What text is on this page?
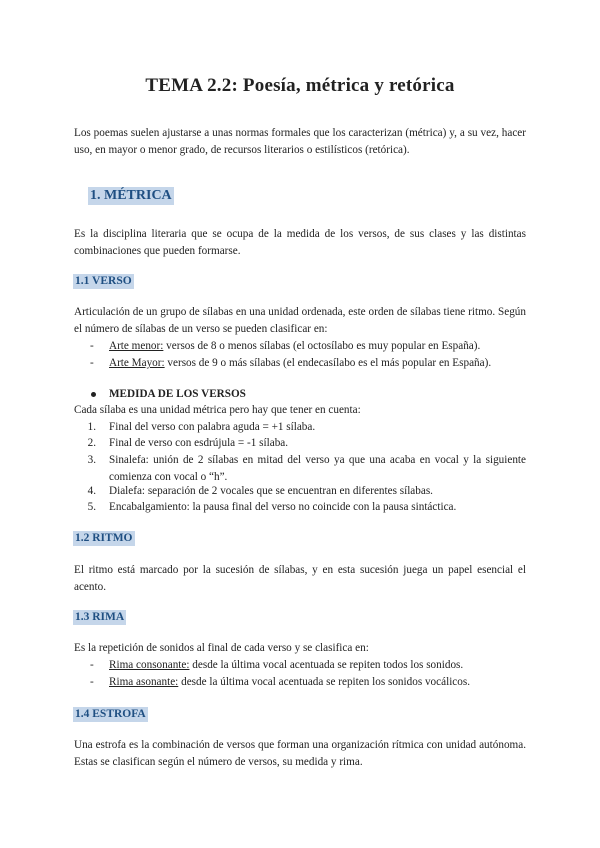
TEMA 2.2: Poesía, métrica y retórica
Los poemas suelen ajustarse a unas normas formales que los caracterizan (métrica) y, a su vez, hacer uso, en mayor o menor grado, de recursos literarios o estilísticos (retórica).
1. MÉTRICA
Es la disciplina literaria que se ocupa de la medida de los versos, de sus clases y las distintas combinaciones que pueden formarse.
1.1 VERSO
Articulación de un grupo de sílabas en una unidad ordenada, este orden de sílabas tiene ritmo. Según el número de sílabas de un verso se pueden clasificar en:
- Arte menor: versos de 8 o menos sílabas (el octosílabo es muy popular en España).
- Arte Mayor: versos de 9 o más sílabas (el endecasílabo es el más popular en España).
MEDIDA DE LOS VERSOS
Cada sílaba es una unidad métrica pero hay que tener en cuenta:
1. Final del verso con palabra aguda = +1 sílaba.
2. Final de verso con esdrújula = -1 sílaba.
3. Sinalefa: unión de 2 sílabas en mitad del verso ya que una acaba en vocal y la siguiente comienza con vocal o “h”.
4. Dialefa: separación de 2 vocales que se encuentran en diferentes sílabas.
5. Encabalgamiento: la pausa final del verso no coincide con la pausa sintáctica.
1.2 RITMO
El ritmo está marcado por la sucesión de sílabas, y en esta sucesión juega un papel esencial el acento.
1.3 RIMA
Es la repetición de sonidos al final de cada verso y se clasifica en:
- Rima consonante: desde la última vocal acentuada se repiten todos los sonidos.
- Rima asonante: desde la última vocal acentuada se repiten los sonidos vocálicos.
1.4 ESTROFA
Una estrofa es la combinación de versos que forman una organización rítmica con unidad autónoma. Estas se clasifican según el número de versos, su medida y rima.
